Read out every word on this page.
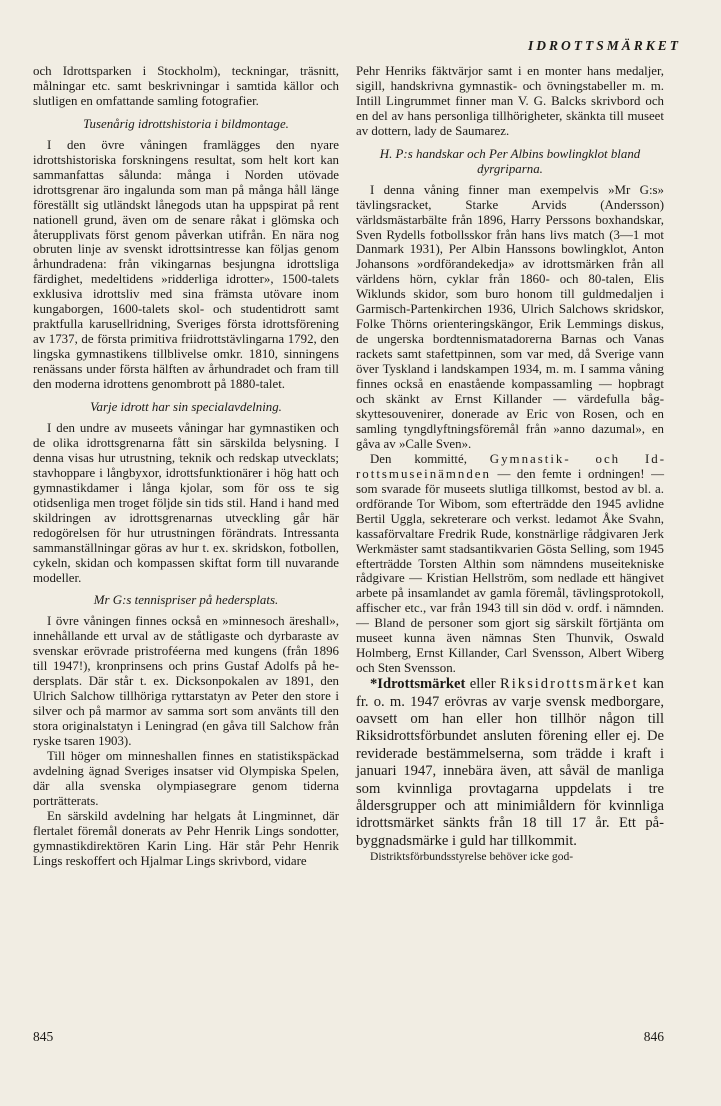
IDROTTSMÄRKET

och Idrottsparken i Stockholm), teckningar, träsnitt, målningar etc. samt beskrivningar i samtida källor och slutligen en omfattande samling fotografier.

Tusenårig idrottshistoria i bildmontage.

I den övre våningen framlägges den nyare idrottshistoriska forskningens resultat, som helt kort kan sammanfattas sålunda: många i Norden utövade idrottsgrenar äro ingalunda som man på många håll länge föreställt sig utländskt lånegods utan ha uppspirat på rent nationell grund, även om de senare råkat i glömska och återupplivats först genom påverkan utifrån. En nära nog obruten linje av svenskt idrottsintresse kan följas genom århundradena: från vikingarnas besjungna idrottsliga färdighet, medeltidens »ridderliga idrotter», 1500-talets exklusiva idrottsliv med sina främsta utövare inom kungaborgen, 1600-talets skol- och studentidrott samt praktfulla karusellridning, Sveriges första idrottsförening av 1737, de första primitiva friidrottstävlingarna 1792, den lingska gymnastikens tillblivelse omkr. 1810, sinningens renässans under första hälften av århundradet och fram till den moderna idrottens genombrott på 1880-talet.

Varje idrott har sin specialavdelning.

I den undre av museets våningar har gymnastiken och de olika idrottsgrenarna fått sin särskilda belysning. I denna visas hur utrustning, teknik och redskap utvecklats; stavhoppare i långbyxor, idrottsfunktionärer i hög hatt och gymnastikdamer i långa kjolar, som för oss te sig otidsenliga men troget följde sin tids stil. Hand i hand med skildringen av idrottsgrenarnas utveckling går här redogörelsen för hur utrustningen förändrats. Intressanta sammanställningar göras av hur t. ex. skridskon, fotbollen, cykeln, skidan och kompassen skiftat form till nuvarande modeller.

Mr G:s tennispriser på hedersplats.

I övre våningen finnes också en »minnesoch äreshall», innehållande ett urval av de ståtligaste och dyrbaraste av svenskar erövrade pristroféerna med kungens (från 1896 till 1947!), kronprinsens och prins Gustaf Adolfs på hedersplats. Där står t. ex. Dicksonpokalen av 1891, den Ulrich Salchow tillhöriga ryttarstatyn av Peter den store i silver och på marmor av samma sort som använts till den stora originalstatyn i Leningrad (en gåva till Salchow från ryske tsaren 1903).

Till höger om minneshallen finnes en statistikspäckad avdelning ägnad Sveriges insatser vid Olympiska Spelen, där alla svenska olympiasegrare genom tiderna porträtterats.

En särskild avdelning har helgats åt Lingminnet, där flertalet föremål donerats av Pehr Henrik Lings sondotter, gymnastikdirektören Karin Ling. Här står Pehr Henrik Lings reskoffert och Hjalmar Lings skrivbord, vidare

Pehr Henriks fäktvärjor samt i en monter hans medaljer, sigill, handskrivna gymnastik- och övningstabeller m. m. Intill Lingrummet finner man V. G. Balcks skrivbord och en del av hans personliga tillhörigheter, skänkta till museet av dottern, lady de Saumarez.

H. P:s handskar och Per Albins bowlingklot bland dyrgriparna.

I denna våning finner man exempelvis »Mr G:s» tävlingsracket, Starke Arvids (Andersson) världsmästarbälte från 1896, Harry Perssons boxhandskar, Sven Rydells fotbollsskor från hans livs match (3—1 mot Danmark 1931), Per Albin Hanssons bowlingklot, Anton Johansons »ordförandekedja» av idrottsmärken från all världens hörn, cyklar från 1860- och 80-talen, Elis Wiklunds skidor, som buro honom till guldmedaljen i Garmisch-Partenkirchen 1936, Ulrich Salchows skridskor, Folke Thörns orienteringskängor, Erik Lemmings diskus, de ungerska bordtennismatadorerna Barnas och Vanas rackets samt stafettpinnen, som var med, då Sverige vann över Tyskland i landskampen 1934, m. m. I samma våning finnes också en enastående kompassamling — hopbragt och skänkt av Ernst Killander — värdefulla bågskyttesouvenirer, donerade av Eric von Rosen, och en samling tyngdlyftningsföremål från »anno dazumal», en gåva av »Calle Sven».

Den kommitté, Gymnastik- och Idrottsmuseinämnden — den femte i ordningen! — som svarade för museets slutliga tillkomst, bestod av bl. a. ordförande Tor Wibom, som efterträdde den 1945 avlidne Bertil Uggla, sekreterare och verkst. ledamot Åke Svahn, kassaförvaltare Fredrik Rude, konstnärlige rådgivaren Jerk Werkmäster samt stadsantikvarien Gösta Selling, som 1945 efterträdde Torsten Althin som nämndens museitekniske rådgivare — Kristian Hellström, som nedlade ett hängivet arbete på insamlandet av gamla föremål, tävlingsprotokoll, affischer etc., var från 1943 till sin död v. ordf. i nämnden. — Bland de personer som gjort sig särskilt förtjänta om museet kunna även nämnas Sten Thunvik, Oswald Holmberg, Ernst Killander, Carl Svensson, Albert Wiberg och Sten Svensson.

*Idrottsmärket eller Riksidrottsmärket kan fr. o. m. 1947 erövras av varje svensk medborgare, oavsett om han eller hon tillhör någon till Riksidrottsförbundet ansluten förening eller ej. De reviderade bestämmelserna, som trädde i kraft i januari 1947, innebära även, att såväl de manliga som kvinnliga provtagarna uppdelats i tre åldersgrupper och att minimiåldern för kvinnliga idrottsmärket sänkts från 18 till 17 år. Ett påbyggnadsmärke i guld har tillkommit.

Distriktsförbundsstyrelse behöver icke god-

845	846
